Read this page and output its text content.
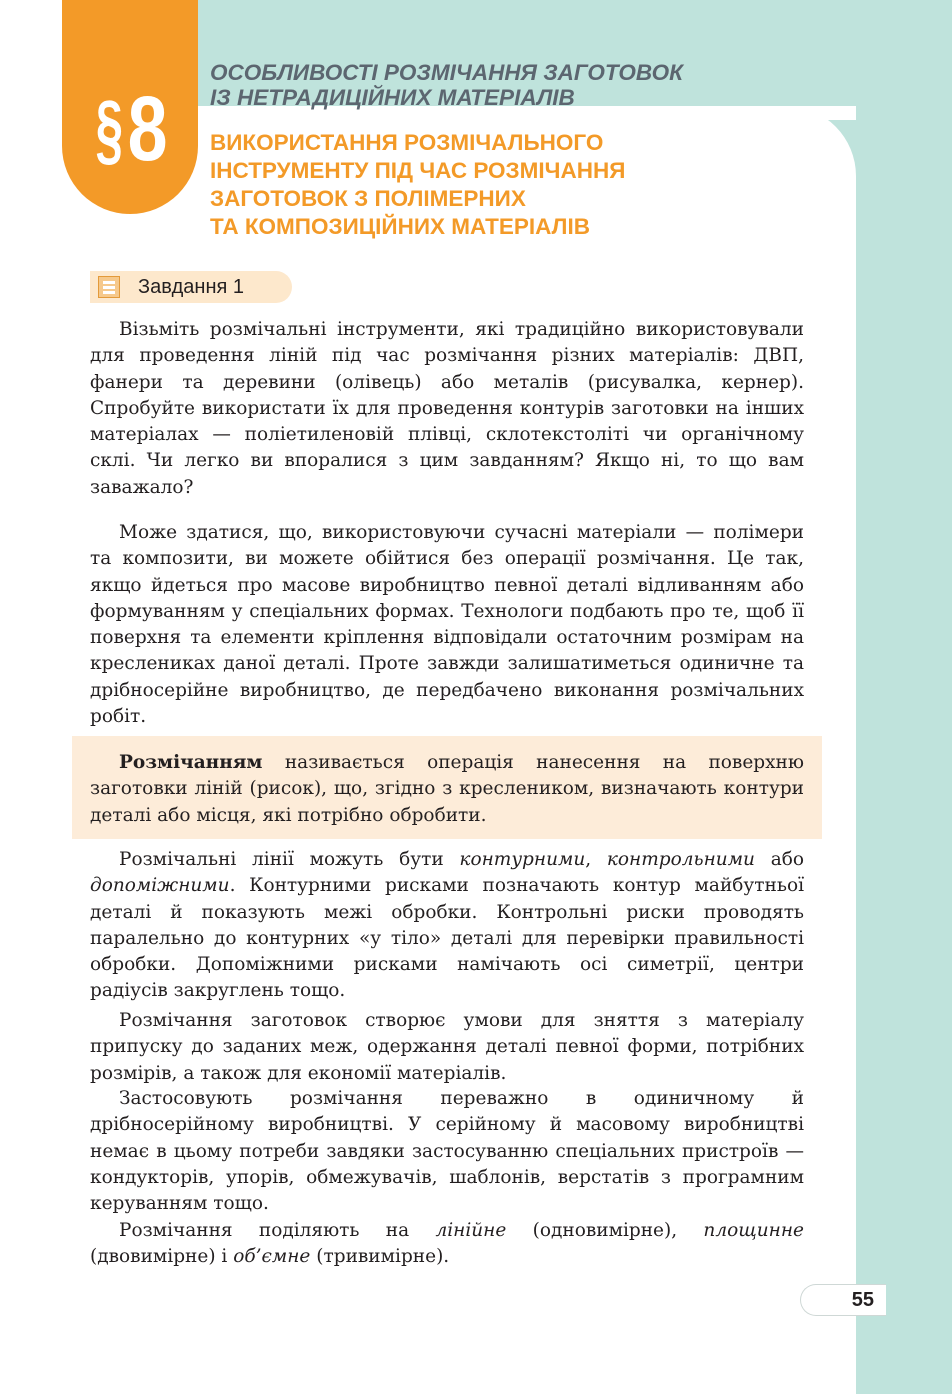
§ 8
ОСОБЛИВОСТІ РОЗМІЧАННЯ ЗАГОТОВОК
ІЗ НЕТРАДИЦІЙНИХ МАТЕРІАЛІВ
ВИКОРИСТАННЯ РОЗМІЧАЛЬНОГО
ІНСТРУМЕНТУ ПІД ЧАС РОЗМІЧАННЯ
ЗАГОТОВОК З ПОЛІМЕРНИХ
ТА КОМПОЗИЦІЙНИХ МАТЕРІАЛІВ
Завдання 1

Візьміть розмічальні інструменти, які традиційно використовували для проведення ліній під час розмічання різних матеріалів: ДВП, фанери та деревини (олівець) або металів (рисувалка, кернер). Спробуйте використати їх для проведення контурів заготовки на інших матеріалах — поліетиленовій плівці, склотекстоліті чи органічному склі. Чи легко ви впоралися з цим завданням? Якщо ні, то що вам заважало?

Може здатися, що, використовуючи сучасні матеріали — полімери та композити, ви можете обійтися без операції розмічання. Це так, якщо йдеться про масове виробництво певної деталі відливанням або формуванням у спеціальних формах. Технологи подбають про те, щоб її поверхня та елементи кріплення відповідали остаточним розмірам на креслениках даної деталі. Проте завжди залишатиметься одиничне та дрібносерійне виробництво, де передбачено виконання розмічальних робіт.

Розмічанням називається операція нанесення на поверхню заготовки ліній (рисок), що, згідно з креслеником, визначають контури деталі або місця, які потрібно обробити.

Розмічальні лінії можуть бути контурними, контрольними або допоміжними. Контурними рисками позначають контур майбутньої деталі й показують межі обробки. Контрольні риски проводять паралельно до контурних «у тіло» деталі для перевірки правильності обробки. Допоміжними рисками намічають осі симетрії, центри радіусів закруглень тощо.

Розмічання заготовок створює умови для зняття з матеріалу припуску до заданих меж, одержання деталі певної форми, потрібних розмірів, а також для економії матеріалів.

Застосовують розмічання переважно в одиничному й дрібносерійному виробництві. У серійному й масовому виробництві немає в цьому потреби завдяки застосуванню спеціальних пристроїв — кондукторів, упорів, обмежувачів, шаблонів, верстатів з програмним керуванням тощо.

Розмічання поділяють на лінійне (одновимірне), площинне (двовимірне) і об’ємне (тривимірне).

55
